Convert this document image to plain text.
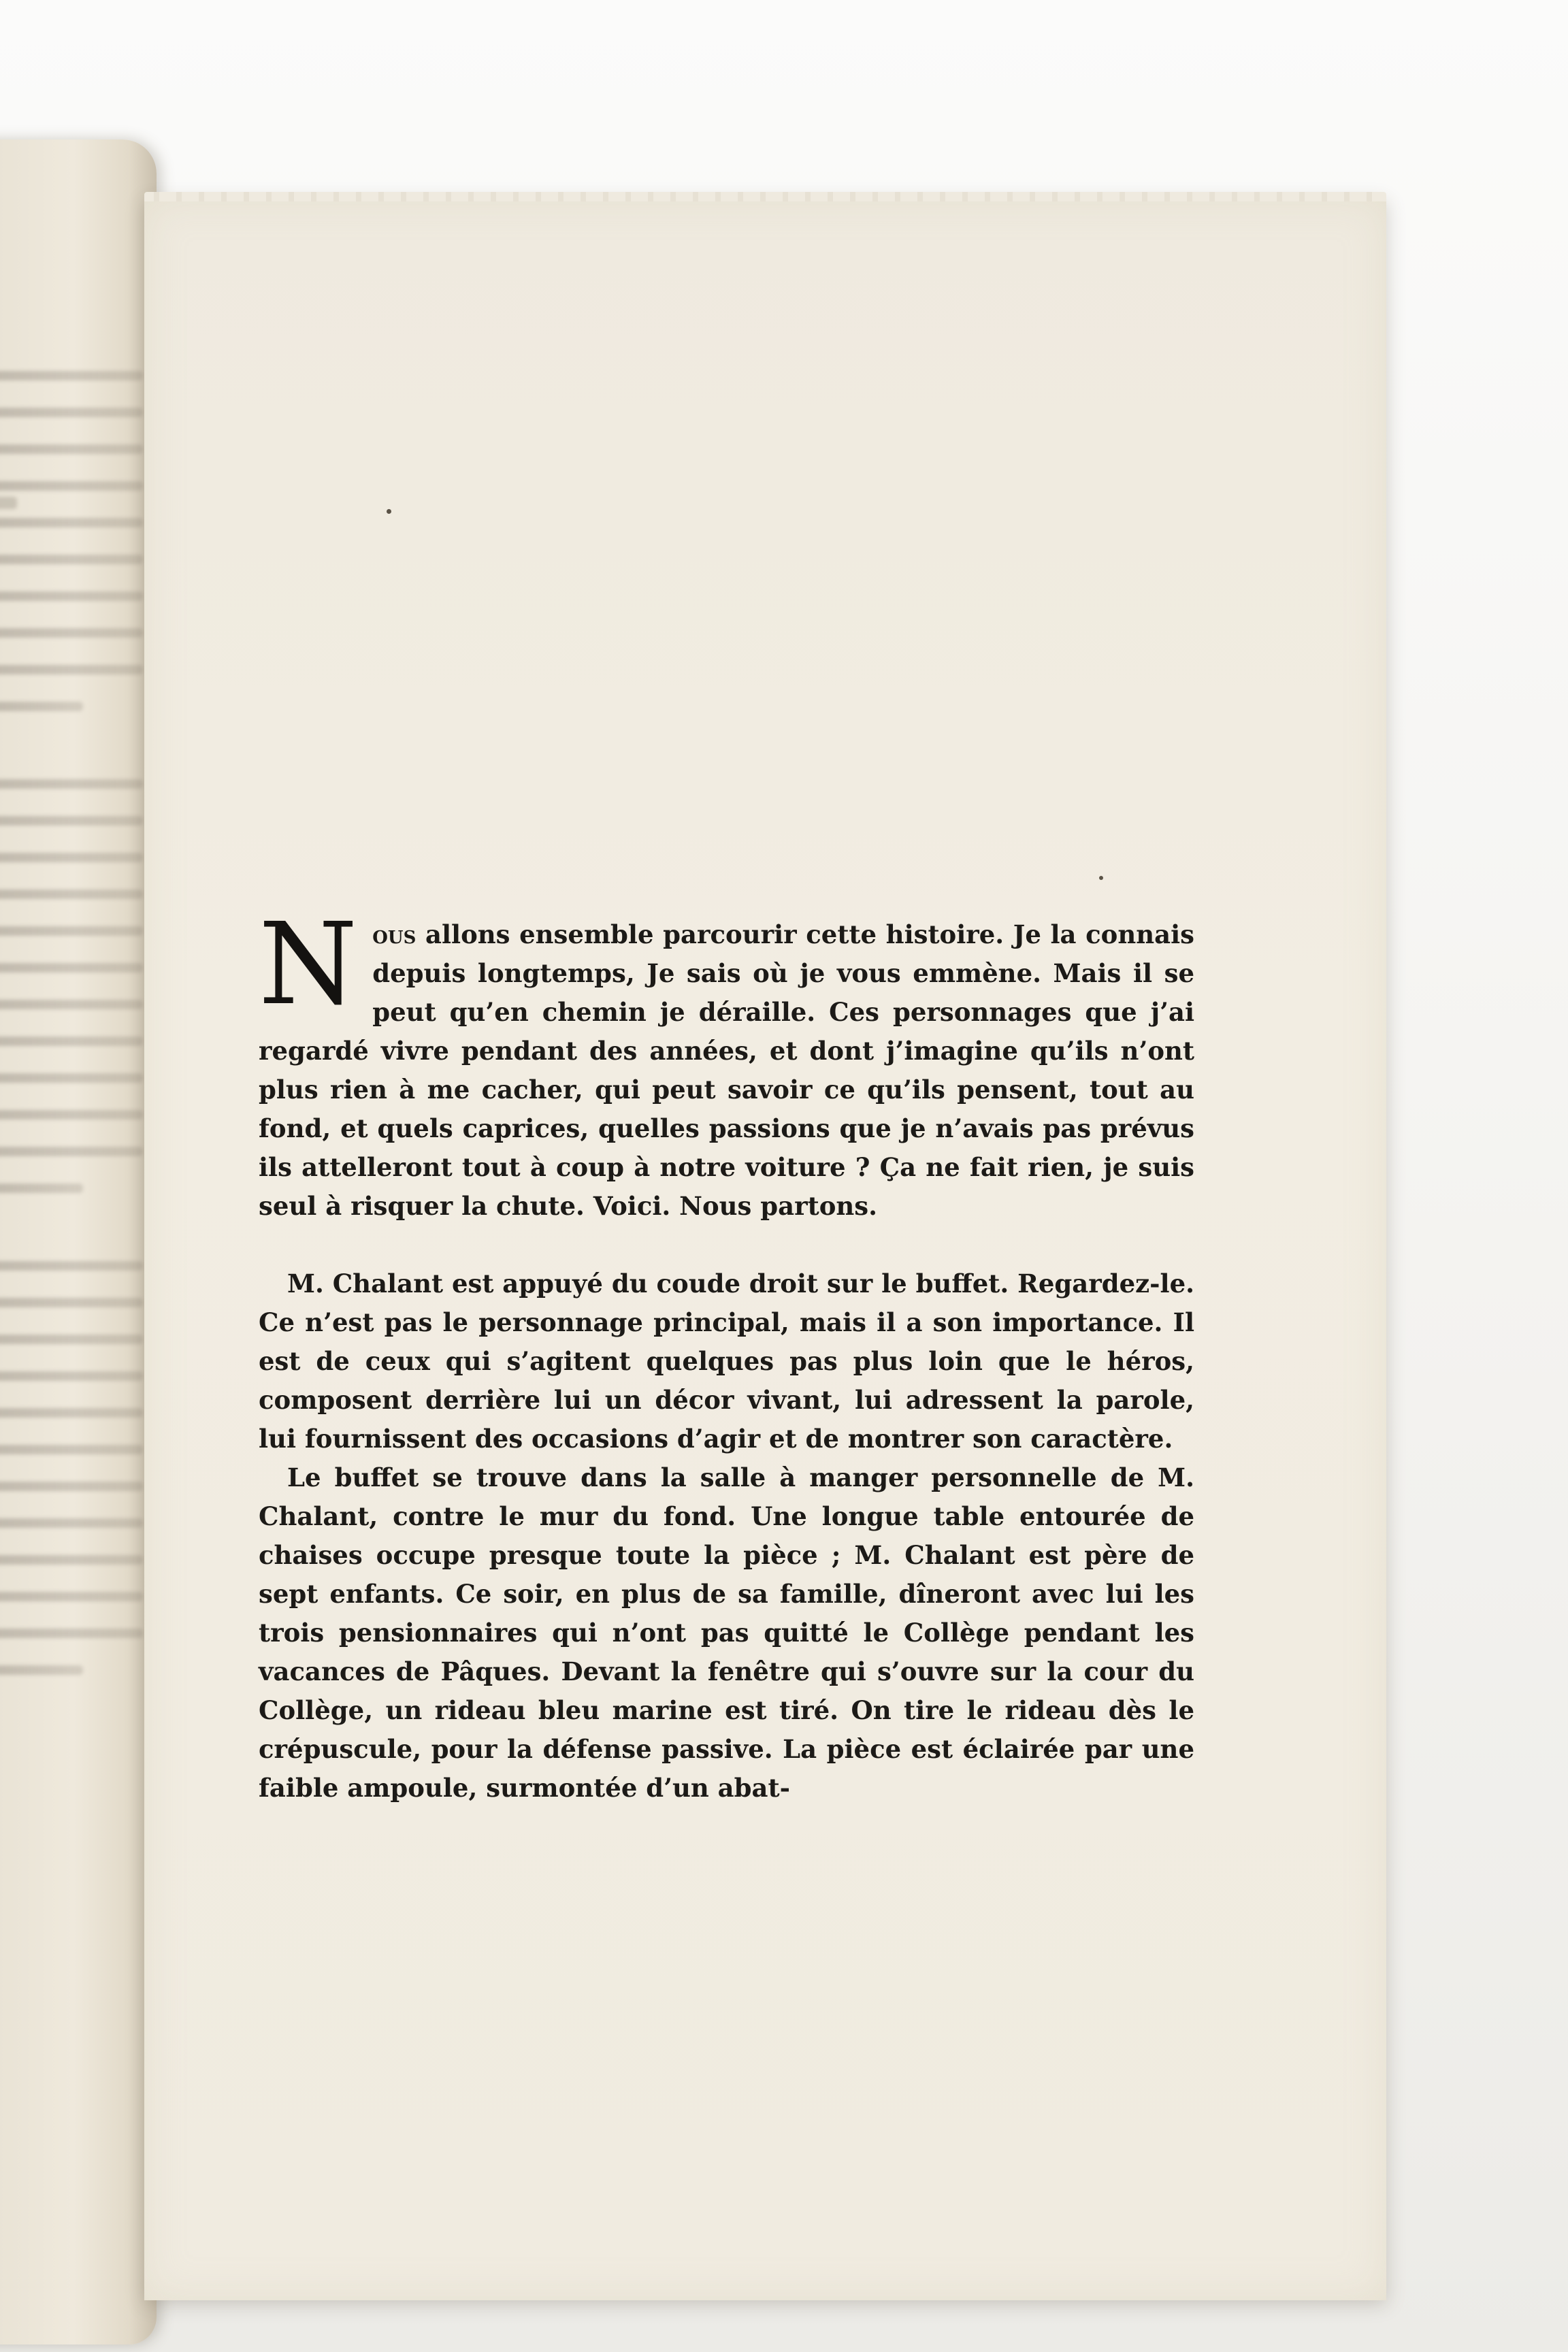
Nous allons ensemble parcourir cette histoire. Je la connais depuis longtemps, Je sais où je vous emmène. Mais il se peut qu’en chemin je déraille. Ces personnages que j’ai regardé vivre pendant des années, et dont j’imagine qu’ils n’ont plus rien à me cacher, qui peut savoir ce qu’ils pensent, tout au fond, et quels caprices, quelles passions que je n’avais pas prévus ils attelleront tout à coup à notre voiture ? Ça ne fait rien, je suis seul à risquer la chute. Voici. Nous partons.

M. Chalant est appuyé du coude droit sur le buffet. Regardez-le. Ce n’est pas le personnage principal, mais il a son importance. Il est de ceux qui s’agitent quelques pas plus loin que le héros, composent derrière lui un décor vivant, lui adressent la parole, lui fournissent des occasions d’agir et de montrer son caractère.

Le buffet se trouve dans la salle à manger personnelle de M. Chalant, contre le mur du fond. Une longue table entourée de chaises occupe presque toute la pièce ; M. Chalant est père de sept enfants. Ce soir, en plus de sa famille, dîneront avec lui les trois pensionnaires qui n’ont pas quitté le Collège pendant les vacances de Pâques. Devant la fenêtre qui s’ouvre sur la cour du Collège, un rideau bleu marine est tiré. On tire le rideau dès le crépuscule, pour la défense passive. La pièce est éclairée par une faible ampoule, surmontée d’un abat-
